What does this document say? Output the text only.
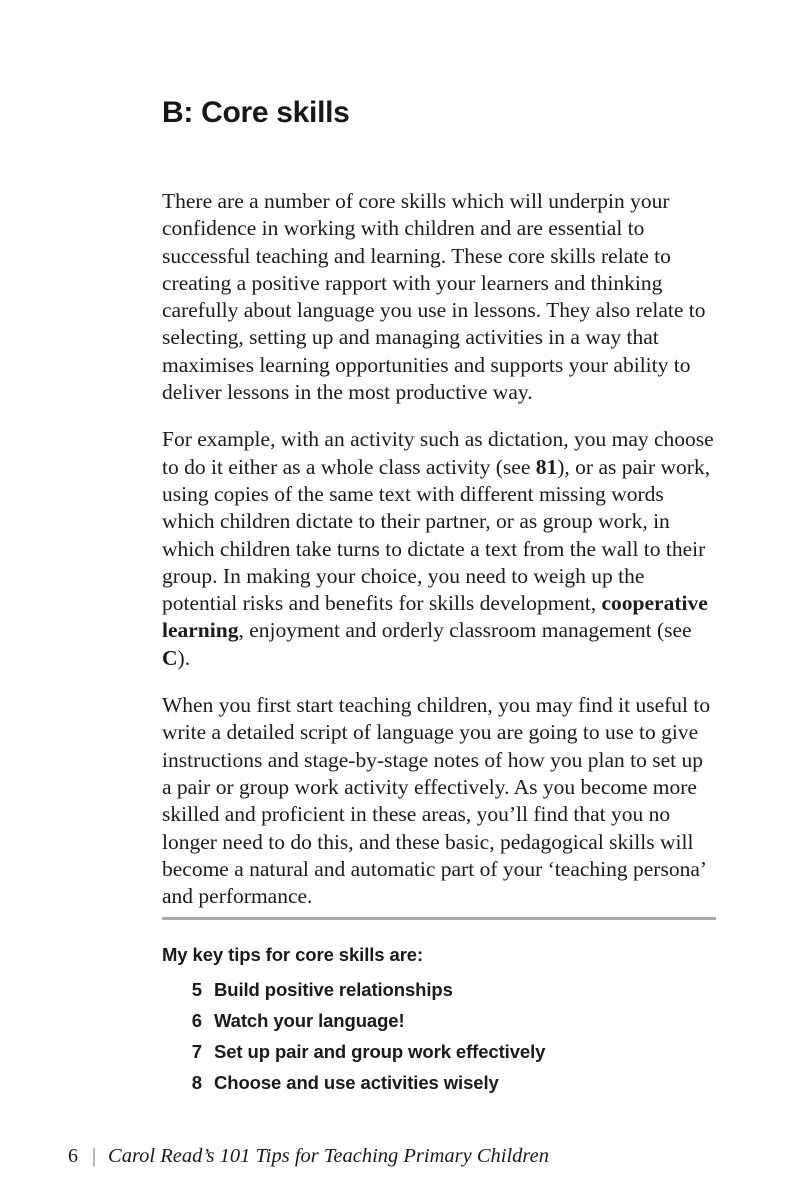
B: Core skills

There are a number of core skills which will underpin your confidence in working with children and are essential to successful teaching and learning. These core skills relate to creating a positive rapport with your learners and thinking carefully about language you use in lessons. They also relate to selecting, setting up and managing activities in a way that maximises learning opportunities and supports your ability to deliver lessons in the most productive way.

For example, with an activity such as dictation, you may choose to do it either as a whole class activity (see 81), or as pair work, using copies of the same text with different missing words which children dictate to their partner, or as group work, in which children take turns to dictate a text from the wall to their group. In making your choice, you need to weigh up the potential risks and benefits for skills development, cooperative learning, enjoyment and orderly classroom management (see C).

When you first start teaching children, you may find it useful to write a detailed script of language you are going to use to give instructions and stage-by-stage notes of how you plan to set up a pair or group work activity effectively. As you become more skilled and proficient in these areas, you’ll find that you no longer need to do this, and these basic, pedagogical skills will become a natural and automatic part of your ‘teaching persona’ and performance.

My key tips for core skills are:
5 Build positive relationships
6 Watch your language!
7 Set up pair and group work effectively
8 Choose and use activities wisely
6 | Carol Read’s 101 Tips for Teaching Primary Children
